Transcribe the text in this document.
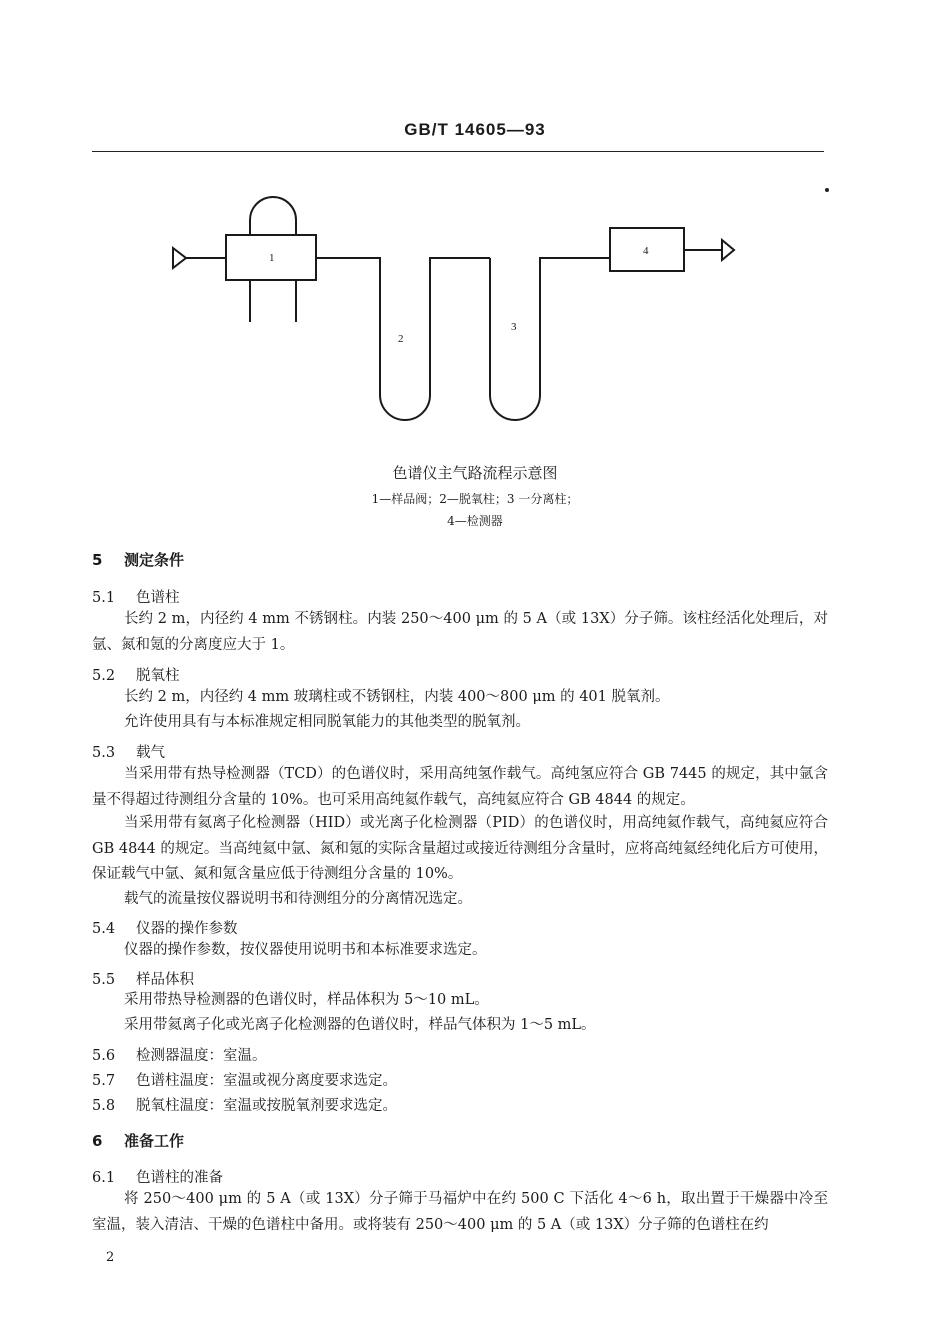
GB/T 14605—93
1
2
3
4
色谱仪主气路流程示意图
1—样品阀；2—脱氧柱；3 一分离柱；
4—检测器
5 测定条件
5.1 色谱柱
长约 2 m，内径约 4 mm 不锈钢柱。内装 250～400 μm 的 5 A（或 13X）分子筛。该柱经活化处理后，对氩、氮和氪的分离度应大于 1。
5.2 脱氧柱
长约 2 m，内径约 4 mm 玻璃柱或不锈钢柱，内装 400～800 μm 的 401 脱氧剂。
允许使用具有与本标准规定相同脱氧能力的其他类型的脱氧剂。
5.3 载气
当采用带有热导检测器（TCD）的色谱仪时，采用高纯氢作载气。高纯氢应符合 GB 7445 的规定，其中氩含量不得超过待测组分含量的 10%。也可采用高纯氦作载气，高纯氦应符合 GB 4844 的规定。
当采用带有氦离子化检测器（HID）或光离子化检测器（PID）的色谱仪时，用高纯氦作载气，高纯氦应符合 GB 4844 的规定。当高纯氦中氩、氮和氪的实际含量超过或接近待测组分含量时，应将高纯氦经纯化后方可使用，保证载气中氩、氮和氪含量应低于待测组分含量的 10%。
载气的流量按仪器说明书和待测组分的分离情况选定。
5.4 仪器的操作参数
仪器的操作参数，按仪器使用说明书和本标准要求选定。
5.5 样品体积
采用带热导检测器的色谱仪时，样品体积为 5～10 mL。
采用带氦离子化或光离子化检测器的色谱仪时，样品气体积为 1～5 mL。
5.6 检测器温度：室温。
5.7 色谱柱温度：室温或视分离度要求选定。
5.8 脱氧柱温度：室温或按脱氧剂要求选定。
6 准备工作
6.1 色谱柱的准备
将 250～400 μm 的 5 A（或 13X）分子筛于马福炉中在约 500 C 下活化 4～6 h，取出置于干燥器中冷至室温，装入清洁、干燥的色谱柱中备用。或将装有 250～400 μm 的 5 A（或 13X）分子筛的色谱柱在约
2
